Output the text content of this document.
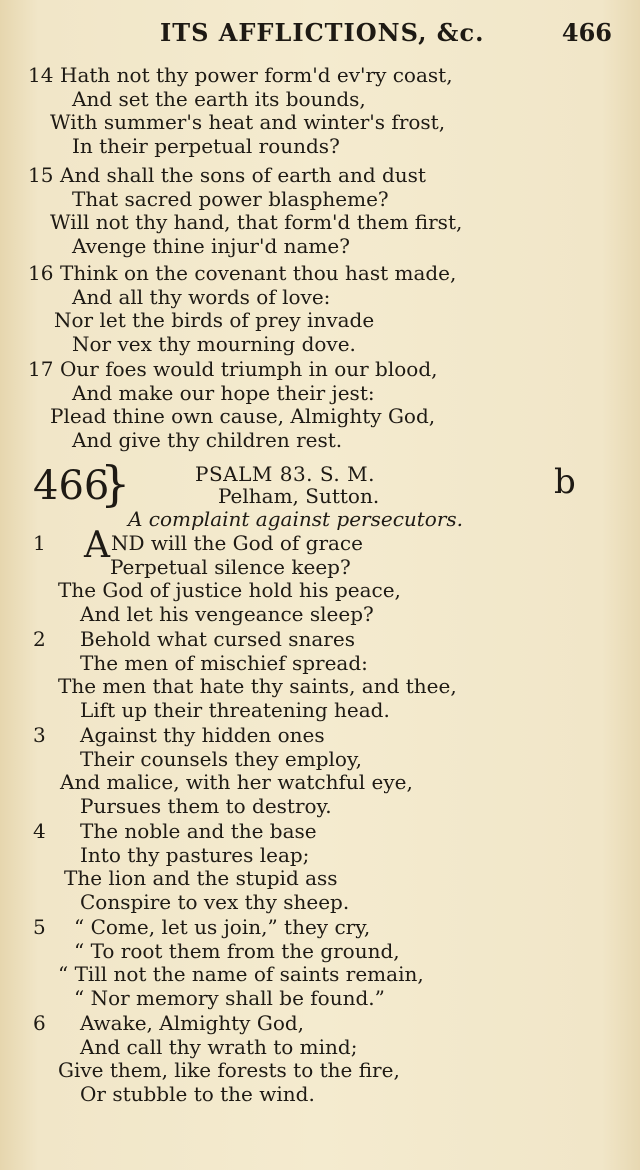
ITS AFFLICTIONS, &c.	466
14 Hath not thy power form'd ev'ry coast,
And set the earth its bounds,
With summer's heat and winter's frost,
In their perpetual rounds?
15 And shall the sons of earth and dust
That sacred power blaspheme?
Will not thy hand, that form'd them first,
Avenge thine injur'd name?
16 Think on the covenant thou hast made,
And all thy words of love:
Nor let the birds of prey invade
Nor vex thy mourning dove.
17 Our foes would triumph in our blood,
And make our hope their jest:
Plead thine own cause, Almighty God,
And give thy children rest.
466
}	PSALM 83. S. M.
Pelham, Sutton.
A complaint against persecutors.
b
1 A ND will the God of grace
Perpetual silence keep?
The God of justice hold his peace,
And let his vengeance sleep?
2 Behold what cursed snares
The men of mischief spread:
The men that hate thy saints, and thee,
Lift up their threatening head.
3 Against thy hidden ones
Their counsels they employ,
And malice, with her watchful eye,
Pursues them to destroy.
4 The noble and the base
Into thy pastures leap;
The lion and the stupid ass
Conspire to vex thy sheep.
5 “ Come, let us join,” they cry,
“ To root them from the ground,
“ Till not the name of saints remain,
“ Nor memory shall be found.”
6 Awake, Almighty God,
And call thy wrath to mind;
Give them, like forests to the fire,
Or stubble to the wind.
